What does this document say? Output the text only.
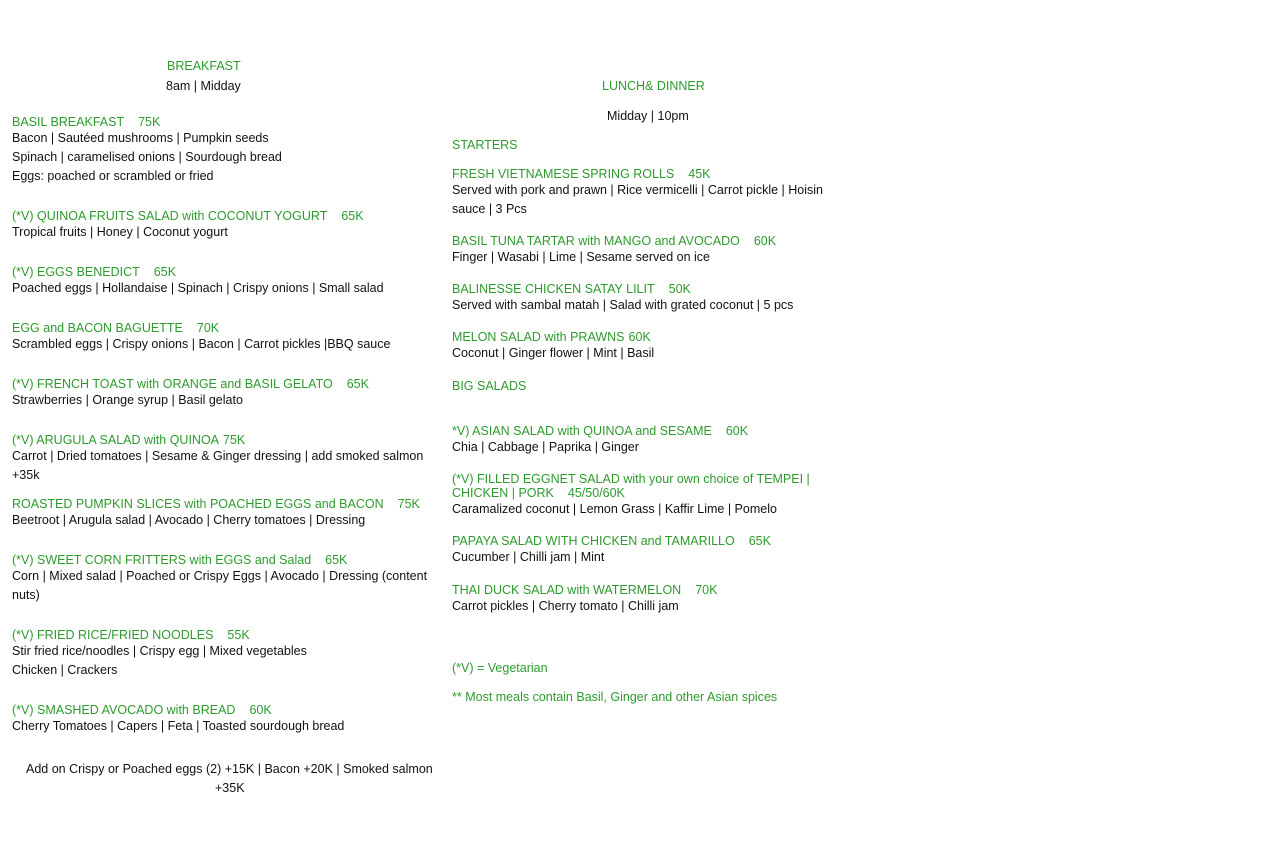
BREAKFAST
8am | Midday
BASIL BREAKFAST 75K
Bacon | Sautéed mushrooms | Pumpkin seeds
Spinach | caramelised onions | Sourdough bread
Eggs: poached or scrambled or fried
(*V) QUINOA FRUITS SALAD with COCONUT YOGURT 65K
Tropical fruits | Honey | Coconut yogurt
(*V) EGGS BENEDICT 65K
Poached eggs | Hollandaise | Spinach | Crispy onions | Small salad
EGG and BACON BAGUETTE 70K
Scrambled eggs | Crispy onions | Bacon | Carrot pickles |BBQ sauce
(*V) FRENCH TOAST with ORANGE and BASIL GELATO 65K
Strawberries | Orange syrup | Basil gelato
(*V) ARUGULA SALAD with QUINOA 75K
Carrot | Dried tomatoes | Sesame & Ginger dressing | add smoked salmon
+35k
ROASTED PUMPKIN SLICES with POACHED EGGS and BACON 75K
Beetroot | Arugula salad | Avocado | Cherry tomatoes | Dressing
(*V) SWEET CORN FRITTERS with EGGS and Salad 65K
Corn | Mixed salad | Poached or Crispy Eggs | Avocado | Dressing (content
nuts)
(*V) FRIED RICE/FRIED NOODLES 55K
Stir fried rice/noodles | Crispy egg | Mixed vegetables
Chicken | Crackers
(*V) SMASHED AVOCADO with BREAD 60K
Cherry Tomatoes | Capers | Feta | Toasted sourdough bread
Add on Crispy or Poached eggs (2) +15K | Bacon +20K | Smoked salmon
+35K
LUNCH& DINNER
Midday | 10pm
STARTERS
FRESH VIETNAMESE SPRING ROLLS 45K
Served with pork and prawn | Rice vermicelli | Carrot pickle | Hoisin
sauce | 3 Pcs
BASIL TUNA TARTAR with MANGO and AVOCADO 60K
Finger | Wasabi | Lime | Sesame served on ice
BALINESSE CHICKEN SATAY LILIT 50K
Served with sambal matah | Salad with grated coconut | 5 pcs
MELON SALAD with PRAWNS 60K
Coconut | Ginger flower | Mint | Basil
BIG SALADS
*V) ASIAN SALAD with QUINOA and SESAME 60K
Chia | Cabbage | Paprika | Ginger
(*V) FILLED EGGNET SALAD with your own choice of TEMPEI |
CHICKEN | PORK 45/50/60K
Caramalized coconut | Lemon Grass | Kaffir Lime | Pomelo
PAPAYA SALAD WITH CHICKEN and TAMARILLO 65K
Cucumber | Chilli jam | Mint
THAI DUCK SALAD with WATERMELON 70K
Carrot pickles | Cherry tomato | Chilli jam
(*V) = Vegetarian
** Most meals contain Basil, Ginger and other Asian spices
